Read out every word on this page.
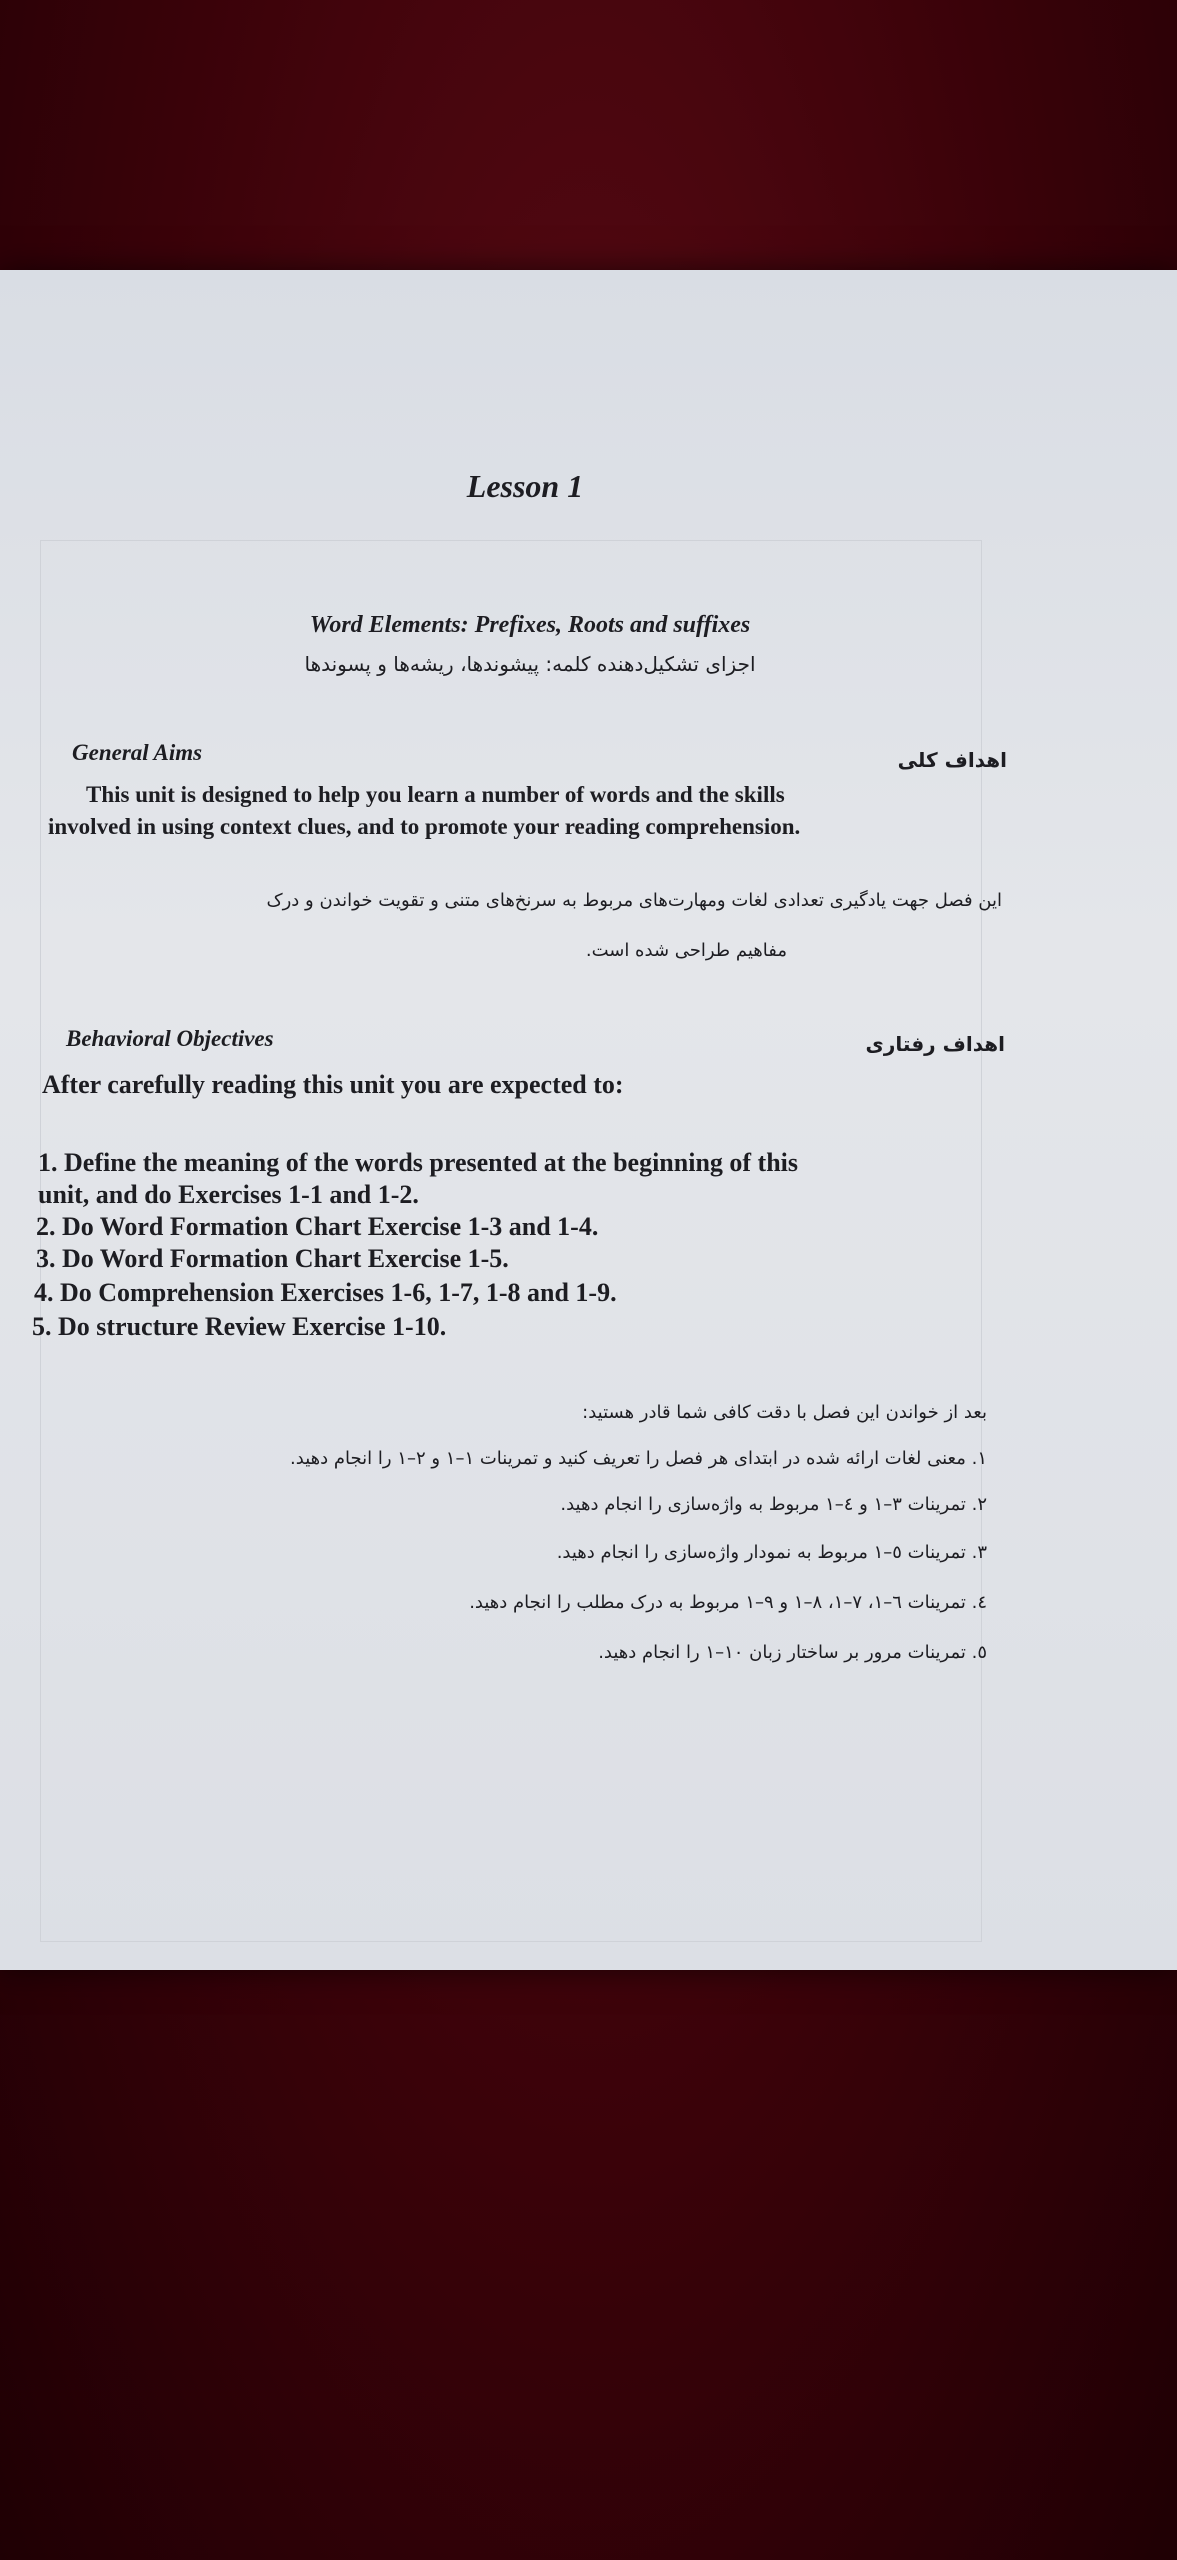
Lesson 1
Word Elements: Prefixes, Roots and suffixes
اجزای تشکیل‌دهنده کلمه: پیشوندها، ریشه‌ها و پسوندها
General Aims	اهداف کلی
This unit is designed to help you learn a number of words and the skills
involved in using context clues, and to promote your reading comprehension.
این فصل جهت یادگیری تعدادی لغات ومهارت‌های مربوط به سرنخ‌های متنی و تقویت خواندن و درک
مفاهیم طراحی شده است.
Behavioral Objectives	اهداف رفتاری
After carefully reading this unit you are expected to:
1. Define the meaning of the words presented at the beginning of this
unit, and do Exercises 1-1 and 1-2.
2. Do Word Formation Chart Exercise 1-3 and 1-4.
3. Do Word Formation Chart Exercise 1-5.
4. Do Comprehension Exercises 1-6, 1-7, 1-8 and 1-9.
5. Do structure Review Exercise 1-10.
بعد از خواندن این فصل با دقت کافی شما قادر هستید:
۱. معنی لغات ارائه شده در ابتدای هر فصل را تعریف کنید و تمرینات ۱–۱ و ۲–۱ را انجام دهید.
۲. تمرینات ۳–۱ و ٤–۱ مربوط به واژه‌سازی را انجام دهید.
۳. تمرینات ٥–۱ مربوط به نمودار واژه‌سازی را انجام دهید.
٤. تمرینات ٦–۱، ۷–۱، ۸–۱ و ۹–۱ مربوط به درک مطلب را انجام دهید.
٥. تمرینات مرور بر ساختار زبان ۱۰–۱ را انجام دهید.
